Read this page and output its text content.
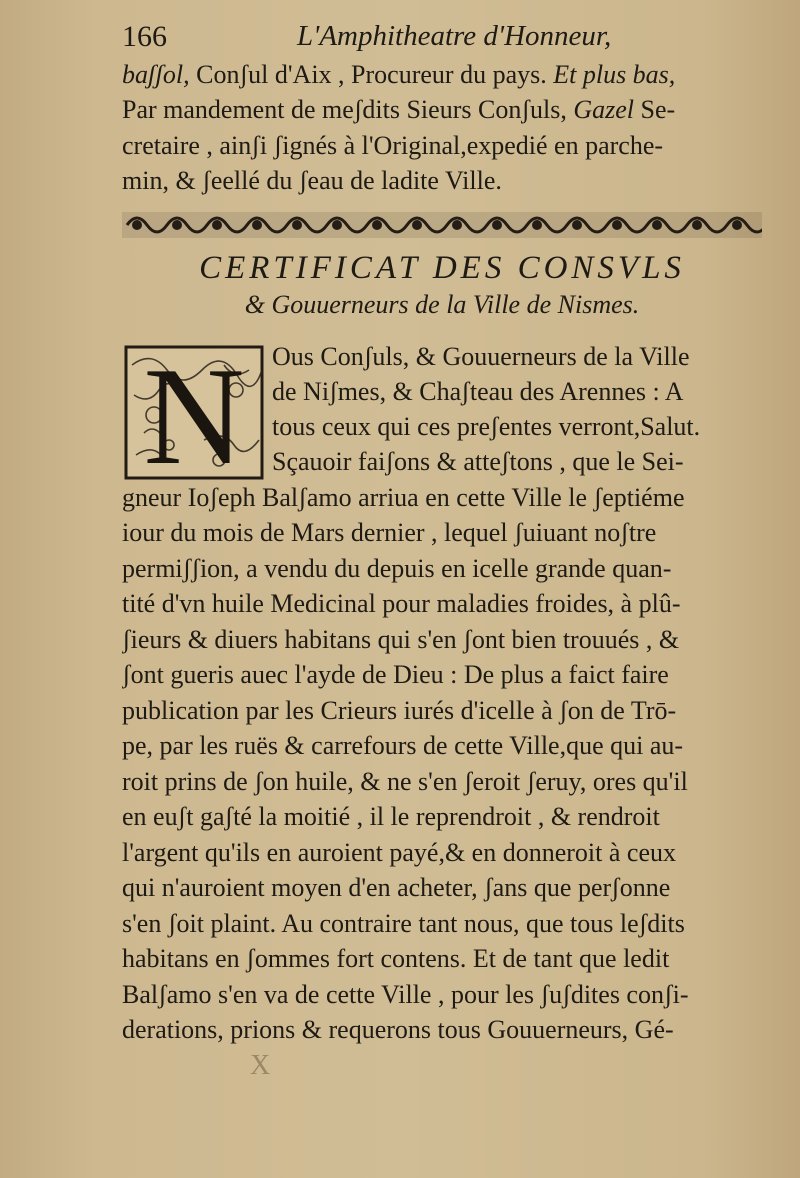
166	L'Amphitheatre d'Honneur,
baʃʃol, Conʃul d'Aix , Procureur du pays. Et plus bas,
Par mandement de meʃdits Sieurs Conʃuls, Gazel Se-
cretaire , ainʃi ʃignés à l'Original,expedié en parche-
min, & ʃeellé du ʃeau de ladite Ville.
CERTIFICAT DES CONSVLS
& Gouuerneurs de la Ville de Nismes.
N Ous Conʃuls, & Gouuerneurs de la Ville
de Niʃmes, & Chaʃteau des Arennes : A
tous ceux qui ces preʃentes verront,Salut.
Sçauoir faiʃons & atteʃtons , que le Sei-
gneur Ioʃeph Balʃamo arriua en cette Ville le ʃeptiéme
iour du mois de Mars dernier , lequel ʃuiuant noʃtre
permiʃʃion, a vendu du depuis en icelle grande quan-
tité d'vn huile Medicinal pour maladies froides, à plû-
ʃieurs & diuers habitans qui s'en ʃont bien trouués , &
ʃont gueris auec l'ayde de Dieu : De plus a faict faire
publication par les Crieurs iurés d'icelle à ʃon de Trō-
pe, par les ruës & carrefours de cette Ville,que qui au-
roit prins de ʃon huile, & ne s'en ʃeroit ʃeruy, ores qu'il
en euʃt gaʃté la moitié , il le reprendroit , & rendroit
l'argent qu'ils en auroient payé,& en donneroit à ceux
qui n'auroient moyen d'en acheter, ʃans que perʃonne
s'en ʃoit plaint. Au contraire tant nous, que tous leʃdits
habitans en ʃommes fort contens. Et de tant que ledit
Balʃamo s'en va de cette Ville , pour les ʃuʃdites conʃi-
derations, prions & requerons tous Gouuerneurs, Gé-
X
